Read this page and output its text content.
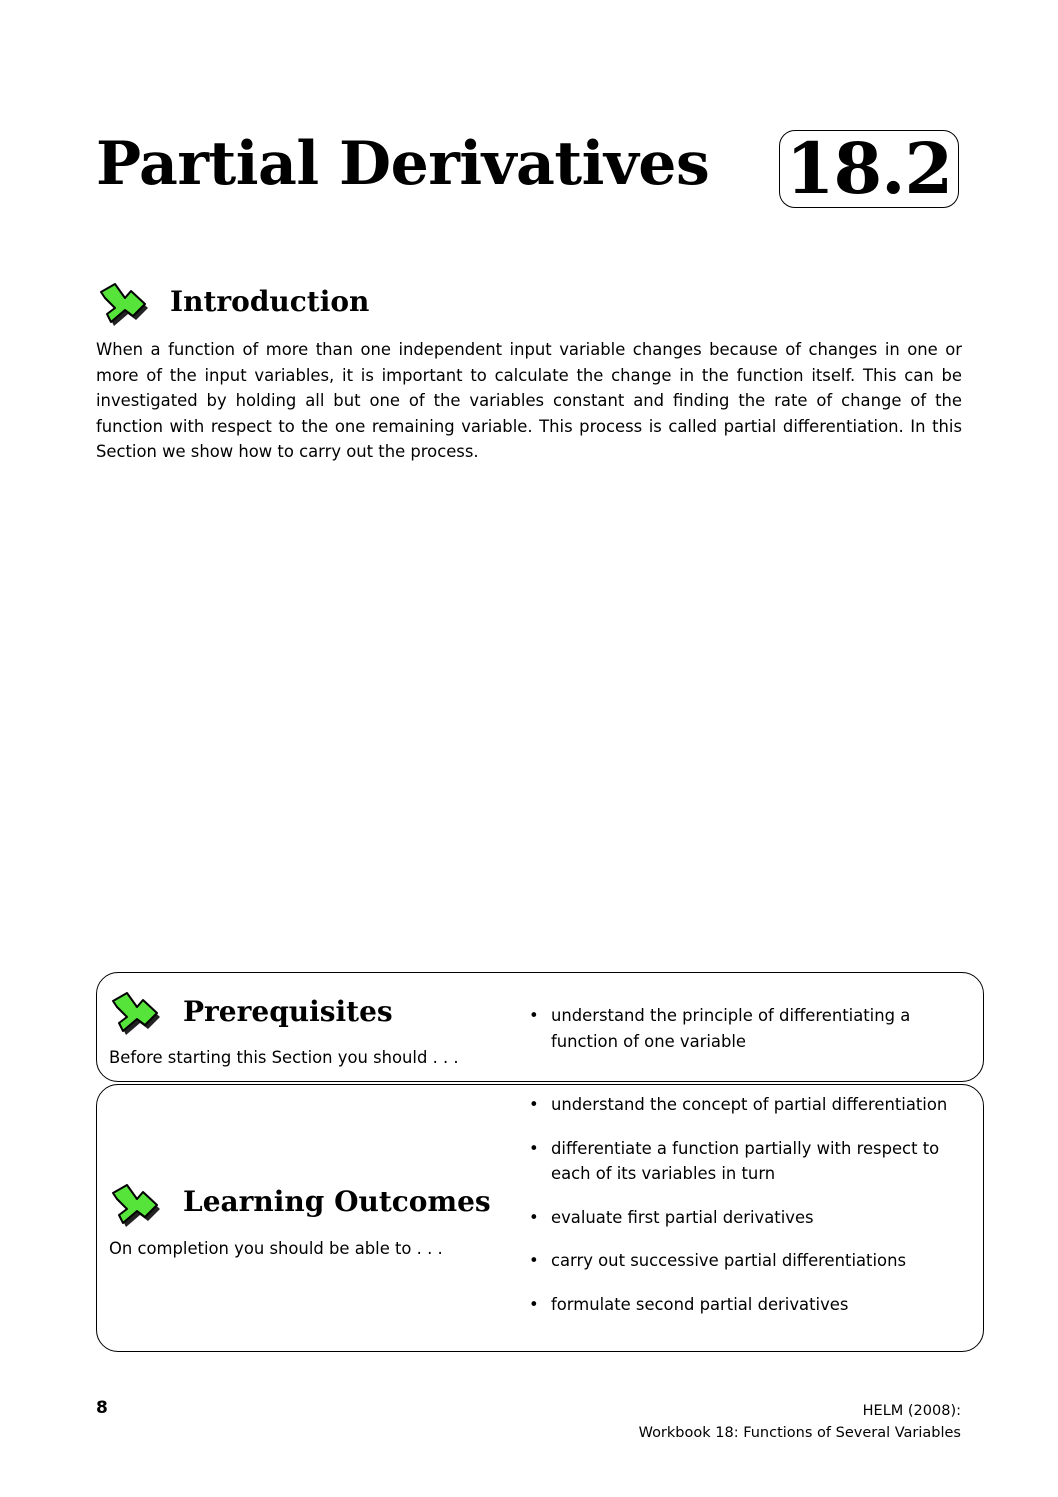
Partial Derivatives 18.2
Introduction

When a function of more than one independent input variable changes because of changes in one or more of the input variables, it is important to calculate the change in the function itself. This can be investigated by holding all but one of the variables constant and finding the rate of change of the function with respect to the one remaining variable. This process is called partial differentiation. In this Section we show how to carry out the process.

Prerequisites

Before starting this Section you should . . .

• understand the principle of differentiating a function of one variable
Learning Outcomes

On completion you should be able to . . .

• understand the concept of partial differentiation
• differentiate a function partially with respect to each of its variables in turn
• evaluate first partial derivatives
• carry out successive partial differentiations
• formulate second partial derivatives
8	HELM (2008):
Workbook 18: Functions of Several Variables
